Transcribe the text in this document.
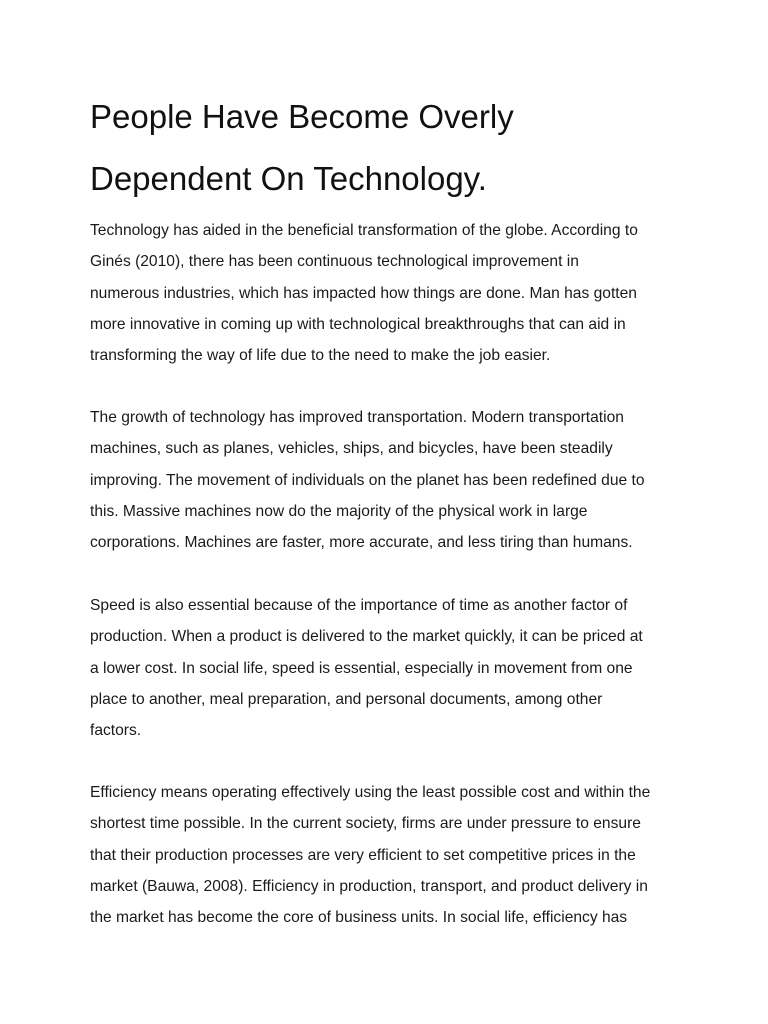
People Have Become Overly
Dependent On Technology.

Technology has aided in the beneficial transformation of the globe. According to
Ginés (2010), there has been continuous technological improvement in
numerous industries, which has impacted how things are done. Man has gotten
more innovative in coming up with technological breakthroughs that can aid in
transforming the way of life due to the need to make the job easier.

The growth of technology has improved transportation. Modern transportation
machines, such as planes, vehicles, ships, and bicycles, have been steadily
improving. The movement of individuals on the planet has been redefined due to
this. Massive machines now do the majority of the physical work in large
corporations. Machines are faster, more accurate, and less tiring than humans.

Speed is also essential because of the importance of time as another factor of
production. When a product is delivered to the market quickly, it can be priced at
a lower cost. In social life, speed is essential, especially in movement from one
place to another, meal preparation, and personal documents, among other
factors.

Efficiency means operating effectively using the least possible cost and within the
shortest time possible. In the current society, firms are under pressure to ensure
that their production processes are very efficient to set competitive prices in the
market (Bauwa, 2008). Efficiency in production, transport, and product delivery in
the market has become the core of business units. In social life, efficiency has
